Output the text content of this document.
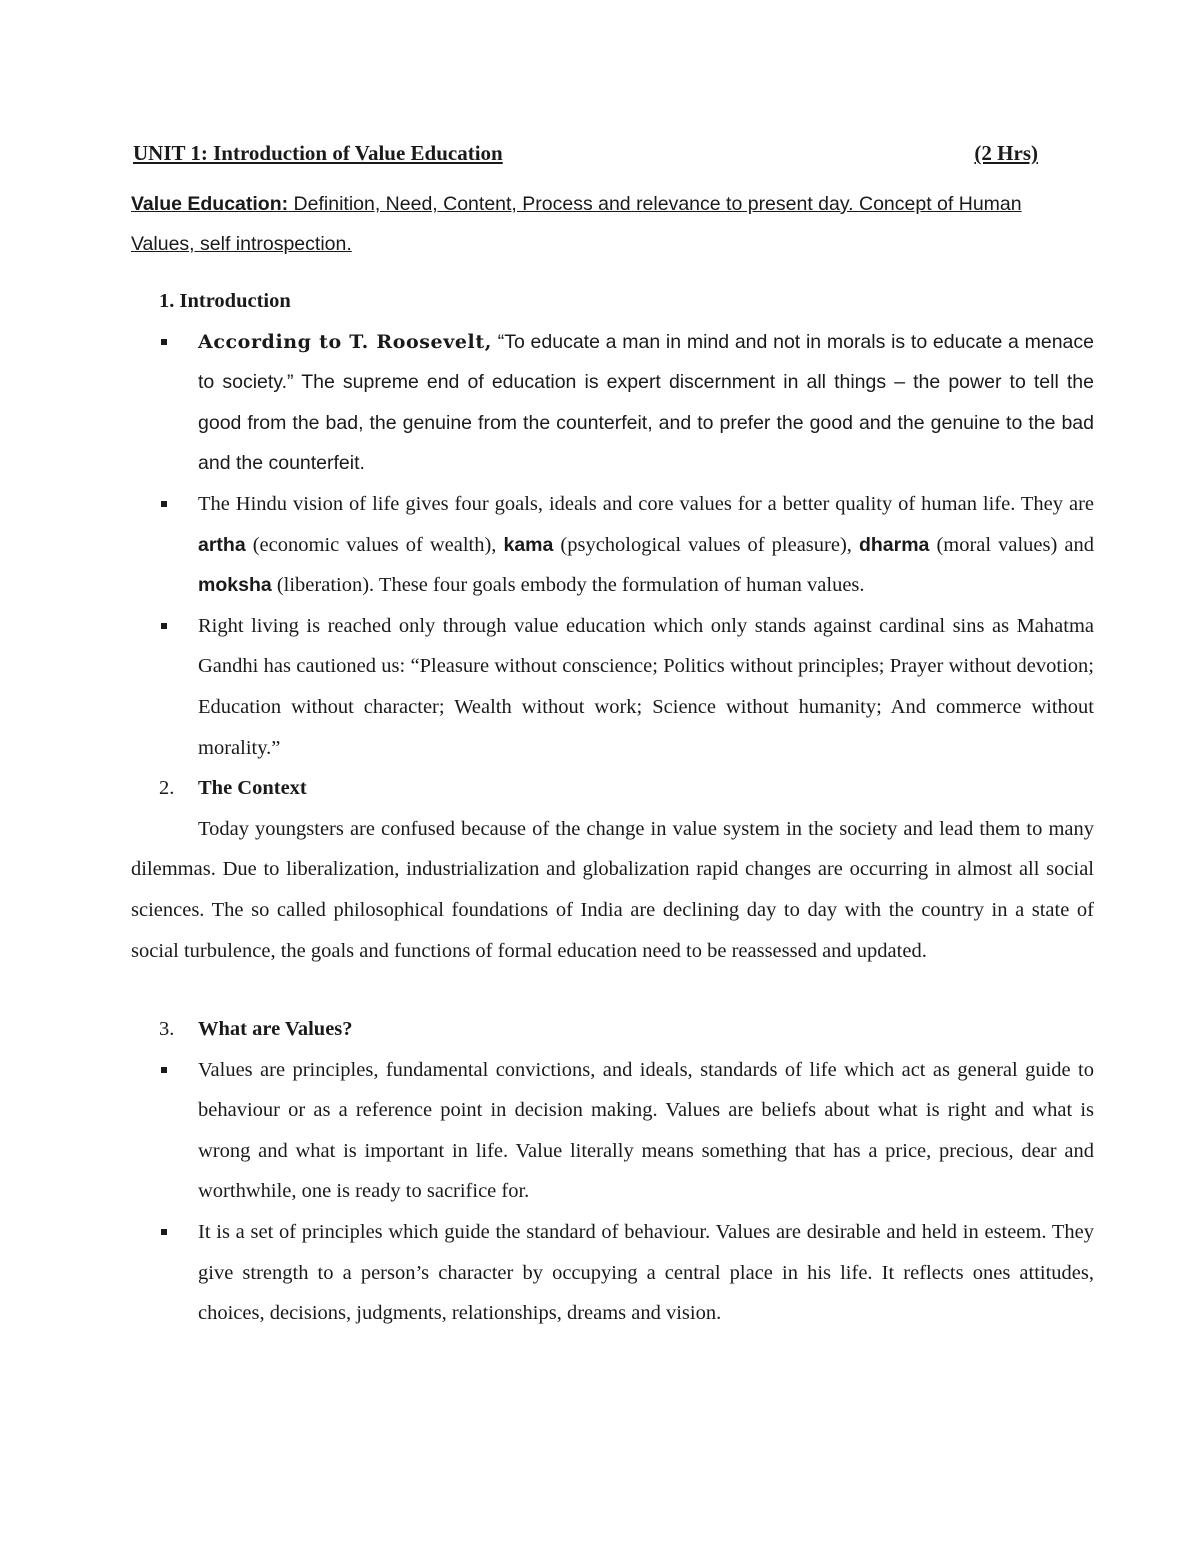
UNIT 1: Introduction of Value Education	(2 Hrs)
Value Education: Definition, Need, Content, Process and relevance to present day. Concept of Human Values, self introspection.

1. Introduction

According to T. Roosevelt, “To educate a man in mind and not in morals is to educate a menace to society.” The supreme end of education is expert discernment in all things – the power to tell the good from the bad, the genuine from the counterfeit, and to prefer the good and the genuine to the bad and the counterfeit.
The Hindu vision of life gives four goals, ideals and core values for a better quality of human life. They are artha (economic values of wealth), kama (psychological values of pleasure), dharma (moral values) and moksha (liberation). These four goals embody the formulation of human values.
Right living is reached only through value education which only stands against cardinal sins as Mahatma Gandhi has cautioned us: “Pleasure without conscience; Politics without principles; Prayer without devotion; Education without character; Wealth without work; Science without humanity; And commerce without morality.”

2. The Context

Today youngsters are confused because of the change in value system in the society and lead them to many dilemmas. Due to liberalization, industrialization and globalization rapid changes are occurring in almost all social sciences. The so called philosophical foundations of India are declining day to day with the country in a state of social turbulence, the goals and functions of formal education need to be reassessed and updated.

3. What are Values?

Values are principles, fundamental convictions, and ideals, standards of life which act as general guide to behaviour or as a reference point in decision making. Values are beliefs about what is right and what is wrong and what is important in life. Value literally means something that has a price, precious, dear and worthwhile, one is ready to sacrifice for.
It is a set of principles which guide the standard of behaviour. Values are desirable and held in esteem. They give strength to a person’s character by occupying a central place in his life. It reflects ones attitudes, choices, decisions, judgments, relationships, dreams and vision.
